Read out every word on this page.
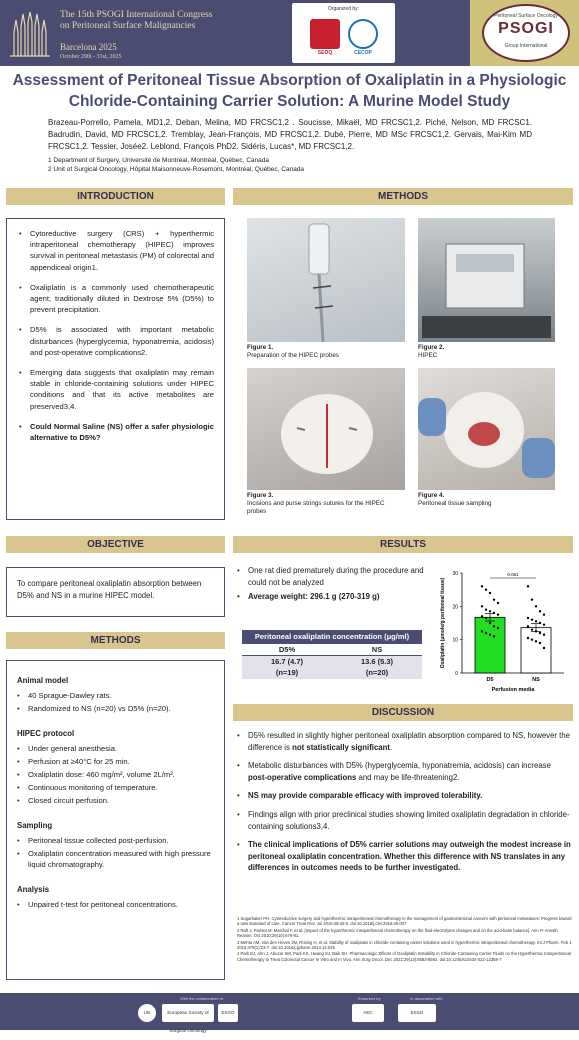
The 15th PSOGI International Congress
on Peritoneal Surface Malignancies
Barcelona 2025
October 29th - 31st, 2025
Organized by:
SEOQ	CECOP
Peritoneal Surface Oncology
PSOGI
Group International
Assessment of Peritoneal Tissue Absorption of Oxaliplatin in a Physiologic Chloride-Containing Carrier Solution: A Murine Model Study
Brazeau-Porrello, Pamela, MD1,2. Deban, Melina, MD FRCSC1,2 . Soucisse, Mikaël, MD FRCSC1,2. Piché, Nelson, MD FRCSC1. Badrudin, David, MD FRCSC1,2. Tremblay, Jean-François, MD FRCSC1,2. Dubé, Pierre, MD MSc FRCSC1,2. Gervais, Mai-Kim MD FRCSC1,2. Tessier, Josée2. Leblond, François PhD2. Sidéris, Lucas*, MD FRCSC1,2.
1 Department of Surgery, Université de Montréal, Montréal, Québec, Canada
2 Unit of Surgical Oncology, Hôpital Maisonneuve-Rosemont, Montréal, Québec, Canada
INTRODUCTION
• Cytoreductive surgery (CRS) + hyperthermic intraperitoneal chemotherapy (HIPEC) improves survival in peritoneal metastasis (PM) of colorectal and appendiceal origin1.
• Oxaliplatin is a commonly used chemotherapeutic agent; traditionally diluted in Dextrose 5% (D5%) to prevent precipitation.
• D5% is associated with important metabolic disturbances (hyperglycemia, hyponatremia, acidosis) and post-operative complications2.
• Emerging data suggests that oxaliplatin may remain stable in chloride-containing solutions under HIPEC conditions and that its active metabolites are preserved3,4.
• Could Normal Saline (NS) offer a safer physiologic alternative to D5%?
OBJECTIVE
To compare peritoneal oxaliplatin absorption between D5% and NS in a murine HIPEC model.
METHODS
Animal model
• 40 Sprague-Dawley rats.
• Randomized to NS (n=20) vs D5% (n=20).
HIPEC protocol
• Under general anesthesia.
• Perfusion at ≥40°C for 25 min.
• Oxaliplatin dose: 460 mg/m², volume 2L/m².
• Continuous monitoring of temperature.
• Closed circuit perfusion.
Sampling
• Peritoneal tissue collected post-perfusion.
• Oxaliplatin concentration measured with high pressure liquid chromatography.
Analysis
• Unpaired t-test for peritoneal concentrations.
METHODS
Figure 1.
Preparation of the HIPEC probes
Figure 2.
HIPEC
Figure 3.
Incisions and purse strings sutures for the HIPEC probes
Figure 4.
Peritoneal tissue sampling
RESULTS
• One rat died prematurely during the procedure and could not be analyzed
• Average weight: 296.1 g (270-319 g)
Peritoneal oxaliplatin concentration (μg/ml)	
D5%	NS
16.7 (4.7)	13.6 (5.3)
(n=19)	(n=20)	0
10
20
30
Oxaliplatin (μmole/g peritoneal tissue)
D5	NS
0.061
Perfusion media
DISCUSSION
• D5% resulted in slightly higher peritoneal oxaliplatin absorption compared to NS, however the difference is not statistically significant.
• Metabolic disturbances with D5% (hyperglycemia, hyponatremia, acidosis) can increase post-operative complications and may be life-threatening2.
• NS may provide comparable efficacy with improved tolerability.
• Findings align with prior preclinical studies showing limited oxaliplatin degradation in chloride-containing solutions3,4.
• The clinical implications of D5% carrier solutions may outweigh the modest increase in peritoneal oxaliplatin concentration. Whether this difference with NS translates in any differences in outcomes needs to be further investigated.

1 Sugarbaker PH. Cytoreductive surgery and hyperthermic intraperitoneal chemotherapy in the management of gastrointestinal cancers with peritoneal metastases: Progress toward a new standard of care. Cancer Treat Rev. Jul 2016;48:42-9. doi:10.1016/j.ctrv.2016.06.007

2 Raft J, Parisot M, Marchal F, et al. [Impact of the hyperthermic intraperitoneal chemotherapy on the fluid-electrolytes changes and on the acid-base balance]. Ann Fr Anesth Reanim. Oct 2010;29(10):676-81.

3 Mehta AM, Van den Hoven JM, Rosing H, et al. Stability of oxaliplatin in chloride-containing carrier solutions used in hyperthermic intraperitoneal chemotherapy. Int J Pharm. Feb 1 2015;479(1):23-7. doi:10.1016/j.ijpharm.2014.12.025

4 Park EJ, Ahn J, Abuzar SM, Park KS, Hwang SJ, Baik SH. Pharmacologic Effects of Oxaliplatin Instability in Chloride-Containing Carrier Fluids on the Hyperthermic Intraperitoneal Chemotherapy to Treat Colorectal Cancer In Vitro and In Vivo. Ann Surg Oncol. Dec 2022;29(13):8583-8592. doi:10.1245/s10434-022-12358-7

With the collaboration of	Endorsed by	In association with
UB	European Society of Surgical Oncology
ESGO	AEC	ESSO
